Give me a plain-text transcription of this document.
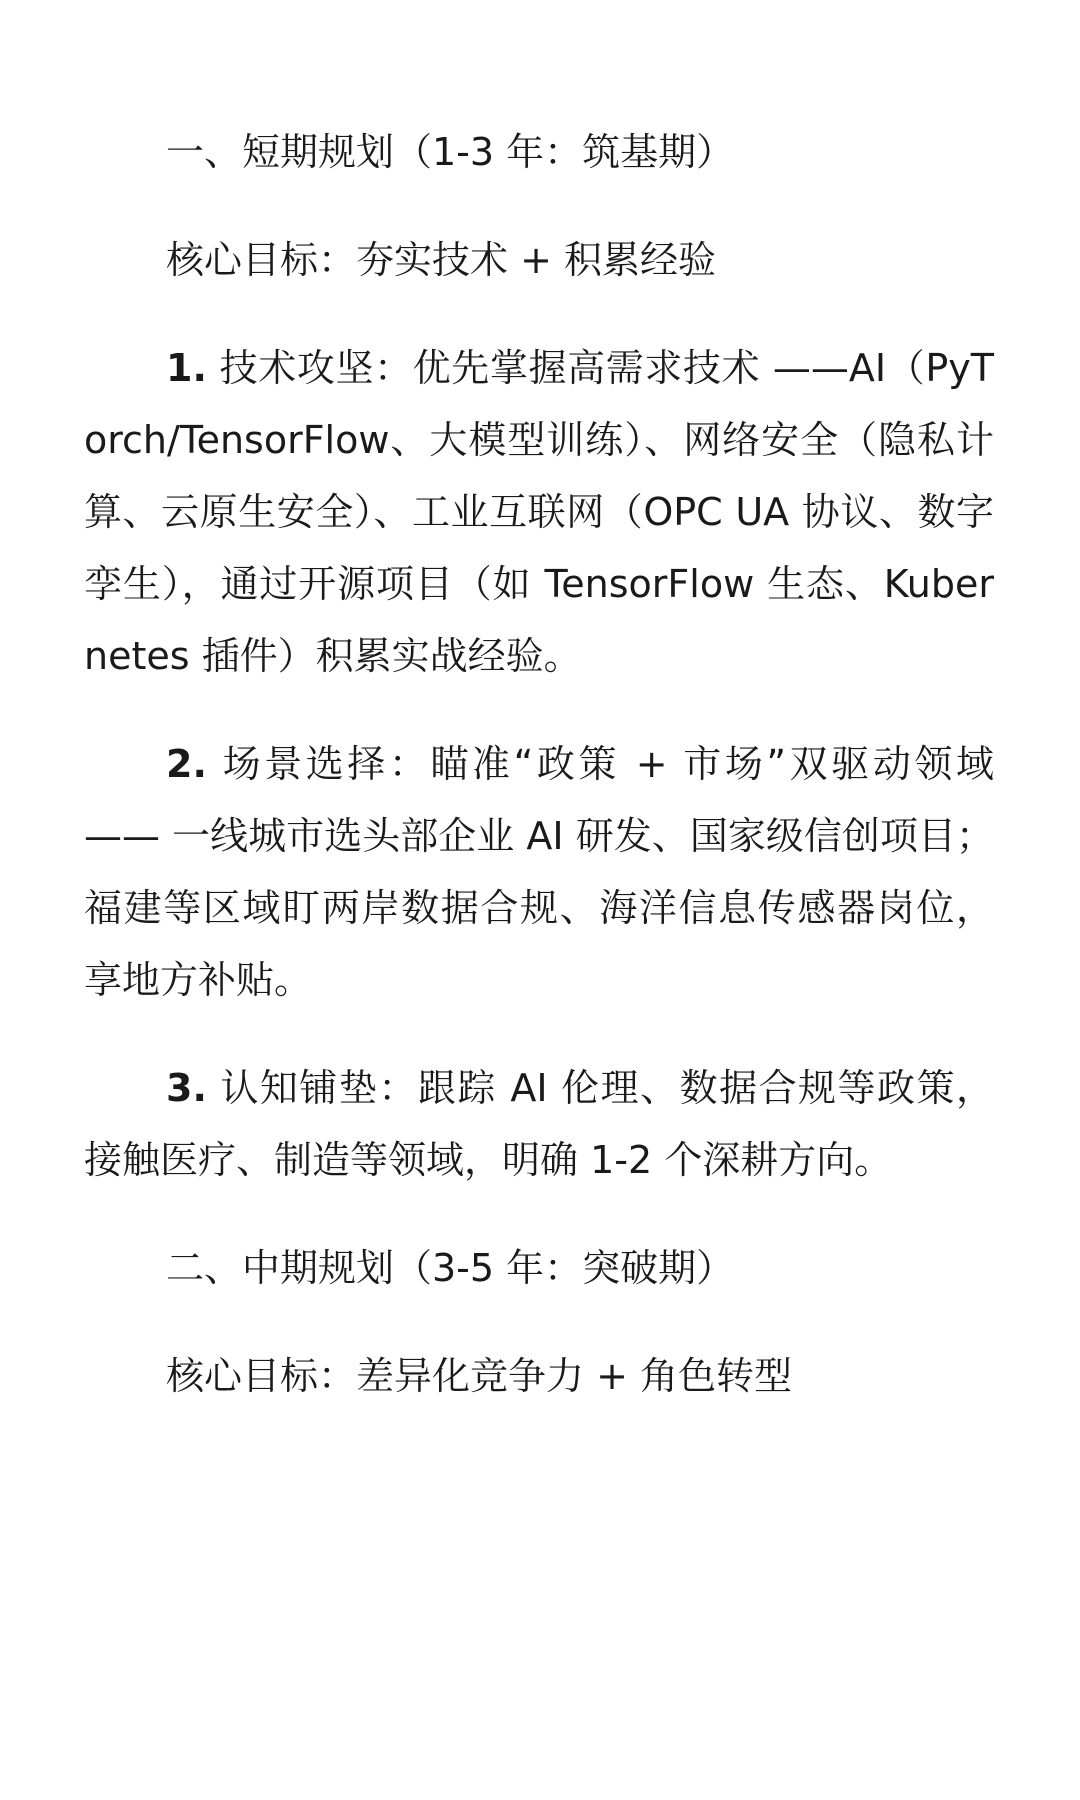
一、短期规划（1-3 年：筑基期）

核心目标：夯实技术 + 积累经验

1. 技术攻坚：优先掌握高需求技术 ——AI（PyTorch/TensorFlow、大模型训练）、网络安全（隐私计算、云原生安全）、工业互联网（OPC UA 协议、数字孪生），通过开源项目（如 TensorFlow 生态、Kubernetes 插件）积累实战经验。

2. 场景选择：瞄准“政策 + 市场”双驱动领域 —— 一线城市选头部企业 AI 研发、国家级信创项目；福建等区域盯两岸数据合规、海洋信息传感器岗位，享地方补贴。

3. 认知铺垫：跟踪 AI 伦理、数据合规等政策，接触医疗、制造等领域，明确 1-2 个深耕方向。

二、中期规划（3-5 年：突破期）

核心目标：差异化竞争力 + 角色转型
